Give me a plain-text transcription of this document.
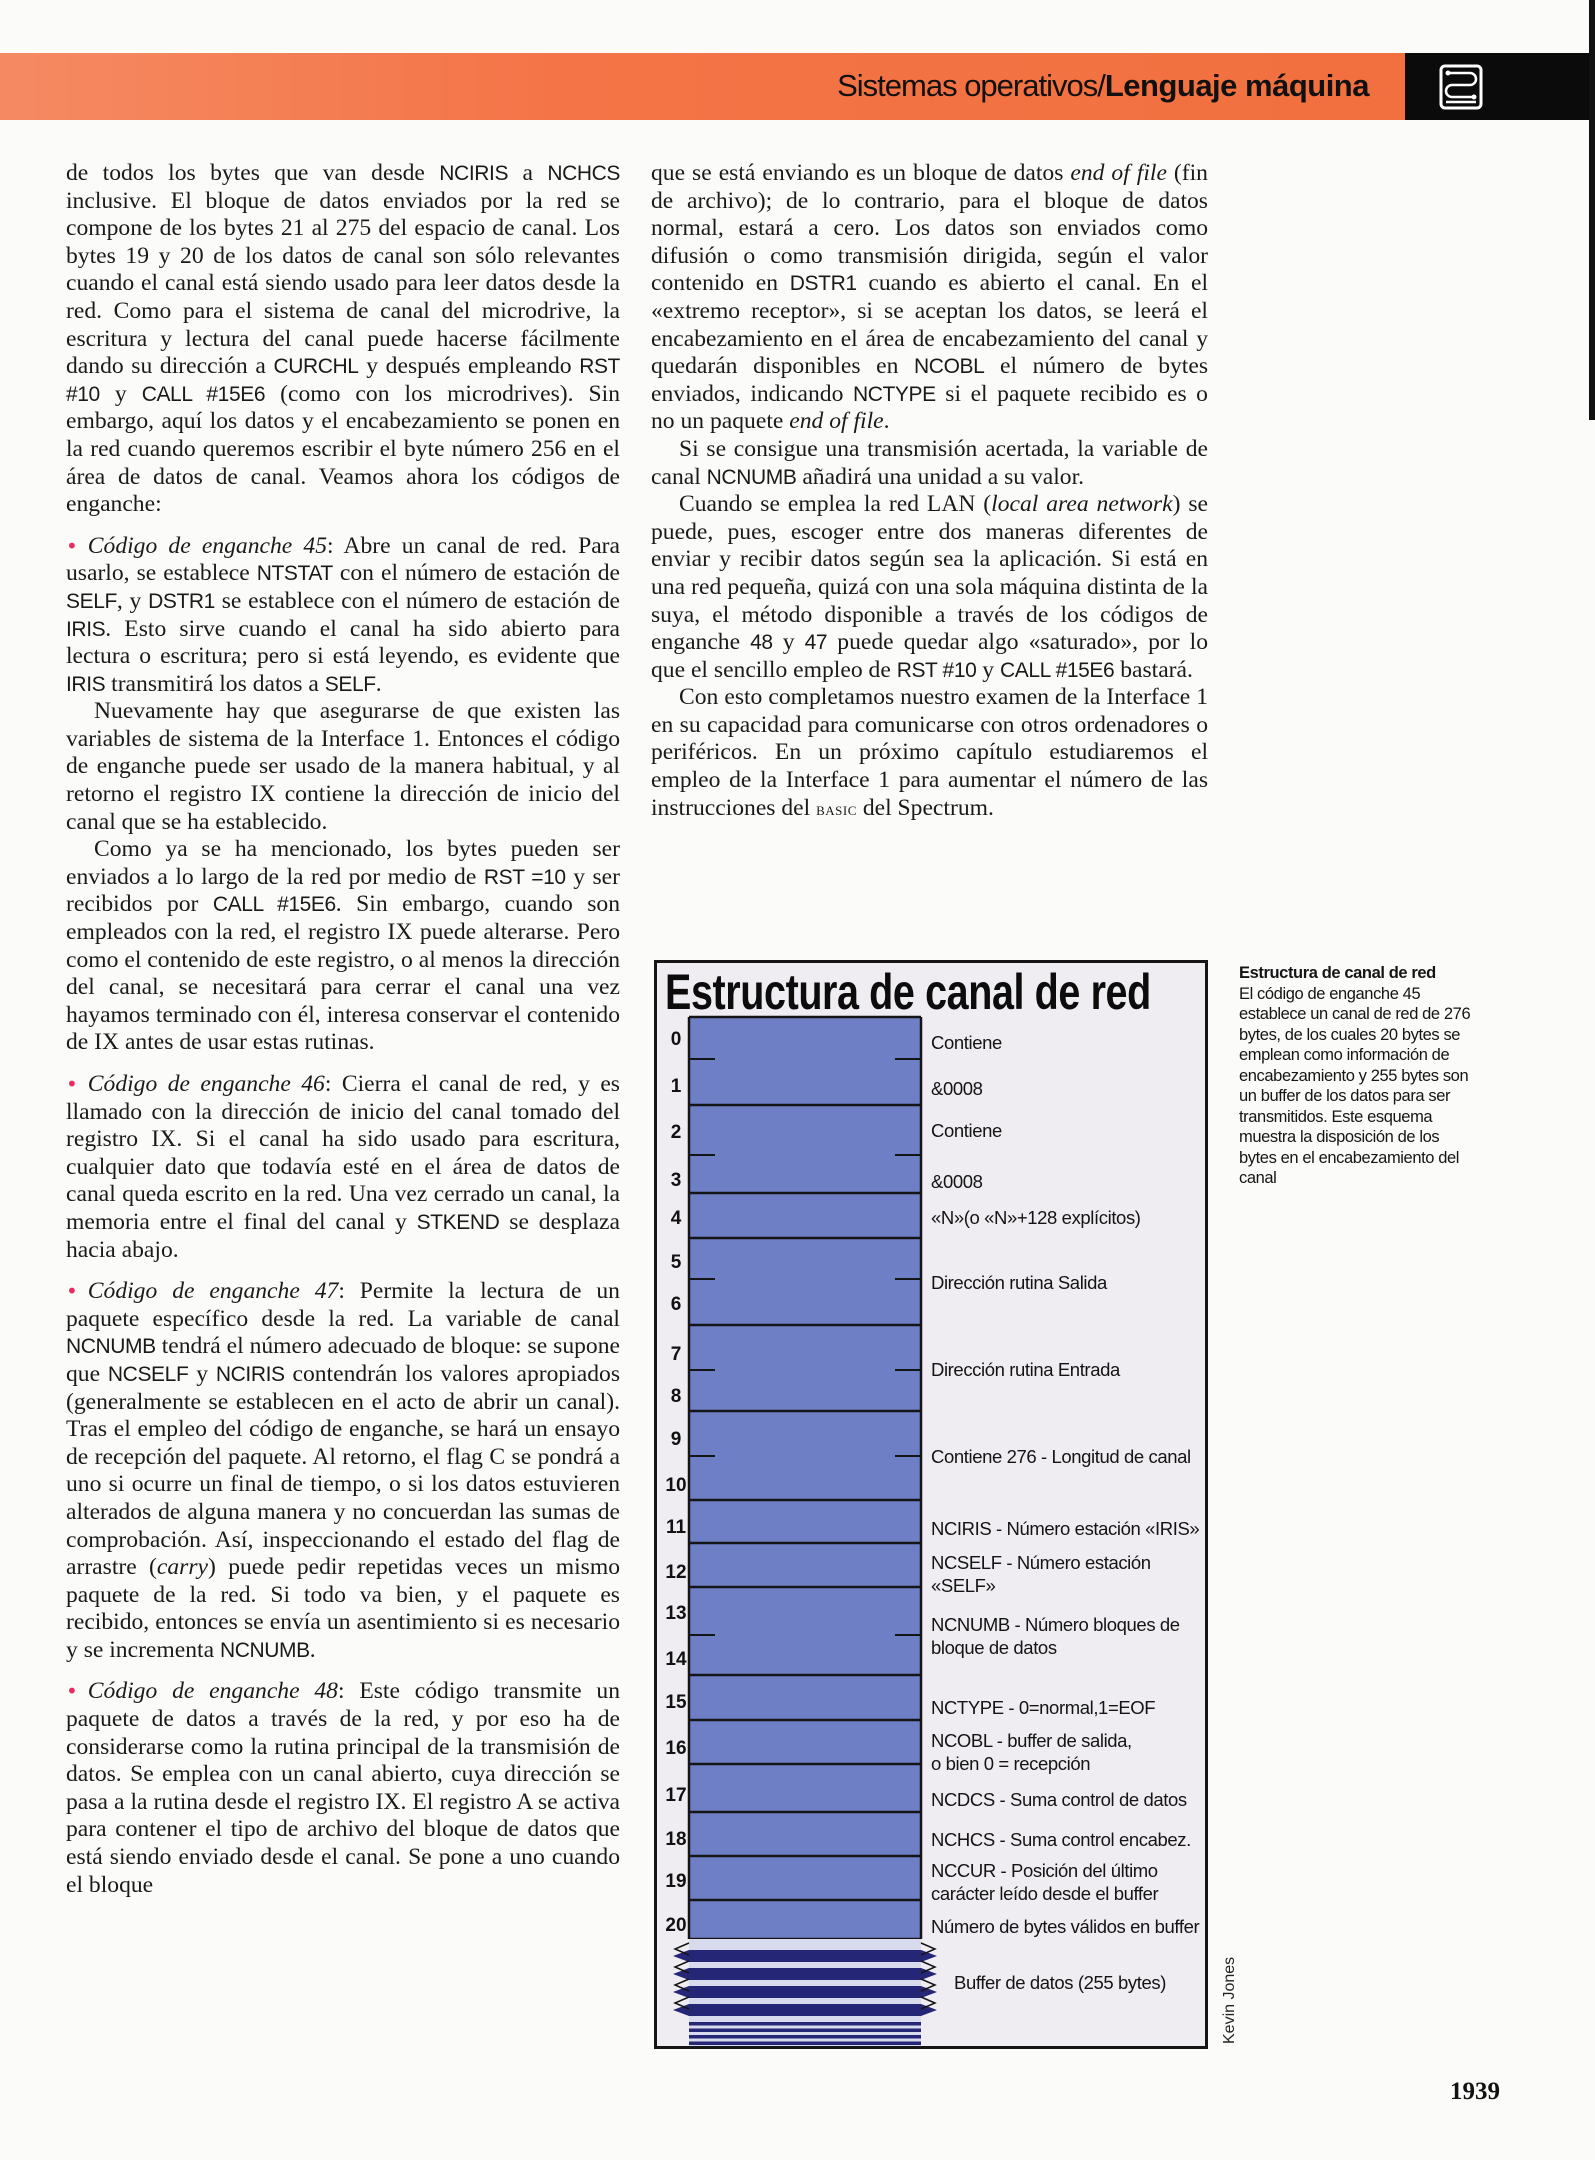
Sistemas operativos/Lenguaje máquina

de todos los bytes que van desde NCIRIS a NCHCS inclusive. El bloque de datos enviados por la red se compone de los bytes 21 al 275 del espacio de canal. Los bytes 19 y 20 de los datos de canal son sólo relevantes cuando el canal está siendo usado para leer datos desde la red. Como para el sistema de canal del microdrive, la escritura y lectura del canal puede hacerse fácilmente dando su dirección a CURCHL y después empleando RST #10 y CALL #15E6 (como con los microdrives). Sin embargo, aquí los datos y el encabezamiento se ponen en la red cuando queremos escribir el byte número 256 en el área de datos de canal. Veamos ahora los códigos de enganche:

• Código de enganche 45: Abre un canal de red. Para usarlo, se establece NTSTAT con el número de estación de SELF, y DSTR1 se establece con el número de estación de IRIS. Esto sirve cuando el canal ha sido abierto para lectura o escritura; pero si está leyendo, es evidente que IRIS transmitirá los datos a SELF.

Nuevamente hay que asegurarse de que existen las variables de sistema de la Interface 1. Entonces el código de enganche puede ser usado de la manera habitual, y al retorno el registro IX contiene la dirección de inicio del canal que se ha establecido.

Como ya se ha mencionado, los bytes pueden ser enviados a lo largo de la red por medio de RST =10 y ser recibidos por CALL #15E6. Sin embargo, cuando son empleados con la red, el registro IX puede alterarse. Pero como el contenido de este registro, o al menos la dirección del canal, se necesitará para cerrar el canal una vez hayamos terminado con él, interesa conservar el contenido de IX antes de usar estas rutinas.

• Código de enganche 46: Cierra el canal de red, y es llamado con la dirección de inicio del canal tomado del registro IX. Si el canal ha sido usado para escritura, cualquier dato que todavía esté en el área de datos de canal queda escrito en la red. Una vez cerrado un canal, la memoria entre el final del canal y STKEND se desplaza hacia abajo.

• Código de enganche 47: Permite la lectura de un paquete específico desde la red. La variable de canal NCNUMB tendrá el número adecuado de bloque: se supone que NCSELF y NCIRIS contendrán los valores apropiados (generalmente se establecen en el acto de abrir un canal). Tras el empleo del código de enganche, se hará un ensayo de recepción del paquete. Al retorno, el flag C se pondrá a uno si ocurre un final de tiempo, o si los datos estuvieren alterados de alguna manera y no concuerdan las sumas de comprobación. Así, inspeccionando el estado del flag de arrastre (carry) puede pedir repetidas veces un mismo paquete de la red. Si todo va bien, y el paquete es recibido, entonces se envía un asentimiento si es necesario y se incrementa NCNUMB.

• Código de enganche 48: Este código transmite un paquete de datos a través de la red, y por eso ha de considerarse como la rutina principal de la transmisión de datos. Se emplea con un canal abierto, cuya dirección se pasa a la rutina desde el registro IX. El registro A se activa para contener el tipo de archivo del bloque de datos que está siendo enviado desde el canal. Se pone a uno cuando el bloque

que se está enviando es un bloque de datos end of file (fin de archivo); de lo contrario, para el bloque de datos normal, estará a cero. Los datos son enviados como difusión o como transmisión dirigida, según el valor contenido en DSTR1 cuando es abierto el canal. En el «extremo receptor», si se aceptan los datos, se leerá el encabezamiento en el área de encabezamiento del canal y quedarán disponibles en NCOBL el número de bytes enviados, indicando NCTYPE si el paquete recibido es o no un paquete end of file.

Si se consigue una transmisión acertada, la variable de canal NCNUMB añadirá una unidad a su valor.

Cuando se emplea la red LAN (local area network) se puede, pues, escoger entre dos maneras diferentes de enviar y recibir datos según sea la aplicación. Si está en una red pequeña, quizá con una sola máquina distinta de la suya, el método disponible a través de los códigos de enganche 48 y 47 puede quedar algo «saturado», por lo que el sencillo empleo de RST #10 y CALL #15E6 bastará.

Con esto completamos nuestro examen de la Interface 1 en su capacidad para comunicarse con otros ordenadores o periféricos. En un próximo capítulo estudiaremos el empleo de la Interface 1 para aumentar el número de las instrucciones del basic del Spectrum.

Estructura de canal de red
0
1
2
3
4
5
6
7
8
9
10
11
12
13
14
15
16
17
18
19
20
Contiene
&0008
Contiene
&0008
«N»(o «N»+128 explícitos)
Dirección rutina Salida
Dirección rutina Entrada
Contiene 276 - Longitud de canal
NCIRIS - Número estación «IRIS»
NCSELF - Número estación
«SELF»
NCNUMB - Número bloques de
bloque de datos
NCTYPE - 0=normal,1=EOF
NCOBL - buffer de salida,
o bien 0 = recepción
NCDCS - Suma control de datos
NCHCS - Suma control encabez.
NCCUR - Posición del último
carácter leído desde el buffer
Número de bytes válidos en buffer
Buffer de datos (255 bytes)
Estructura de canal de red
El código de enganche 45
establece un canal de red de 276
bytes, de los cuales 20 bytes se
emplean como información de
encabezamiento y 255 bytes son
un buffer de los datos para ser
transmitidos. Este esquema
muestra la disposición de los
bytes en el encabezamiento del
canal
Kevin Jones
1939
